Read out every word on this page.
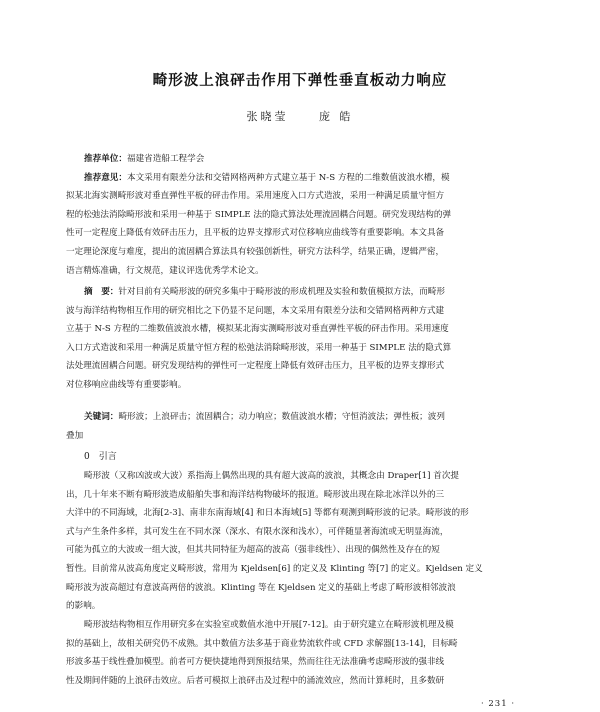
畸形波上浪砰击作用下弹性垂直板动力响应
张晓莹	庞 皓
推荐单位：福建省造船工程学会
推荐意见：本文采用有限差分法和交错网格两种方式建立基于 N-S 方程的二维数值波浪水槽，模
拟某北海实测畸形波对垂直弹性平板的砰击作用。采用速度入口方式造波，采用一种满足质量守恒方
程的松弛法消除畸形波和采用一种基于 SIMPLE 法的隐式算法处理流固耦合问题。研究发现结构的弹
性可一定程度上降低有效砰击压力，且平板的边界支撑形式对位移响应曲线等有重要影响。本文具备
一定理论深度与难度，提出的流固耦合算法具有较强创新性，研究方法科学，结果正确，逻辑严密，
语言精炼准确，行文规范，建议评选优秀学术论文。
摘　要：针对目前有关畸形波的研究多集中于畸形波的形成机理及实验和数值模拟方法，而畸形
波与海洋结构物相互作用的研究相比之下仍显不足问题，本文采用有限差分法和交错网格两种方式建
立基于 N-S 方程的二维数值波浪水槽，模拟某北海实测畸形波对垂直弹性平板的砰击作用。采用速度
入口方式造波和采用一种满足质量守恒方程的松弛法消除畸形波，采用一种基于 SIMPLE 法的隐式算
法处理流固耦合问题。研究发现结构的弹性可一定程度上降低有效砰击压力，且平板的边界支撑形式
对位移响应曲线等有重要影响。
关键词：畸形波；上浪砰击；流固耦合；动力响应；数值波浪水槽；守恒消波法；弹性板；波列
叠加
0　引言
畸形波（又称凶波或大波）系指海上偶然出现的具有超大波高的波浪，其概念由 Draper[1] 首次提
出，几十年来不断有畸形波造成船舶失事和海洋结构物破坏的报道。畸形波出现在除北冰洋以外的三
大洋中的不同海域，北海[2-3]、南非东南海域[4] 和日本海域[5] 等都有观测到畸形波的记录。畸形波的形
式与产生条件多样，其可发生在不同水深（深水、有限水深和浅水），可伴随显著海流或无明显海流，
可能为孤立的大波或一组大波，但其共同特征为超高的波高（强非线性）、出现的偶然性及存在的短
暂性。目前常从波高角度定义畸形波，常用为 Kjeldsen[6] 的定义及 Klinting 等[7] 的定义。Kjeldsen 定义
畸形波为波高超过有意波高两倍的波浪。Klinting 等在 Kjeldsen 定义的基础上考虑了畸形波相邻波浪
的影响。
畸形波结构物相互作用研究多在实验室或数值水池中开展[7-12]。由于研究建立在畸形波机理及模
拟的基础上，故相关研究仍不成熟。其中数值方法多基于商业势流软件或 CFD 求解器[13-14]，目标畸
形波多基于线性叠加模型。前者可方便快捷地得到预报结果，然而往往无法准确考虑畸形波的强非线
性及期间伴随的上浪砰击效应。后者可模拟上浪砰击及过程中的涌流效应，然而计算耗时，且多数研
· 231 ·
